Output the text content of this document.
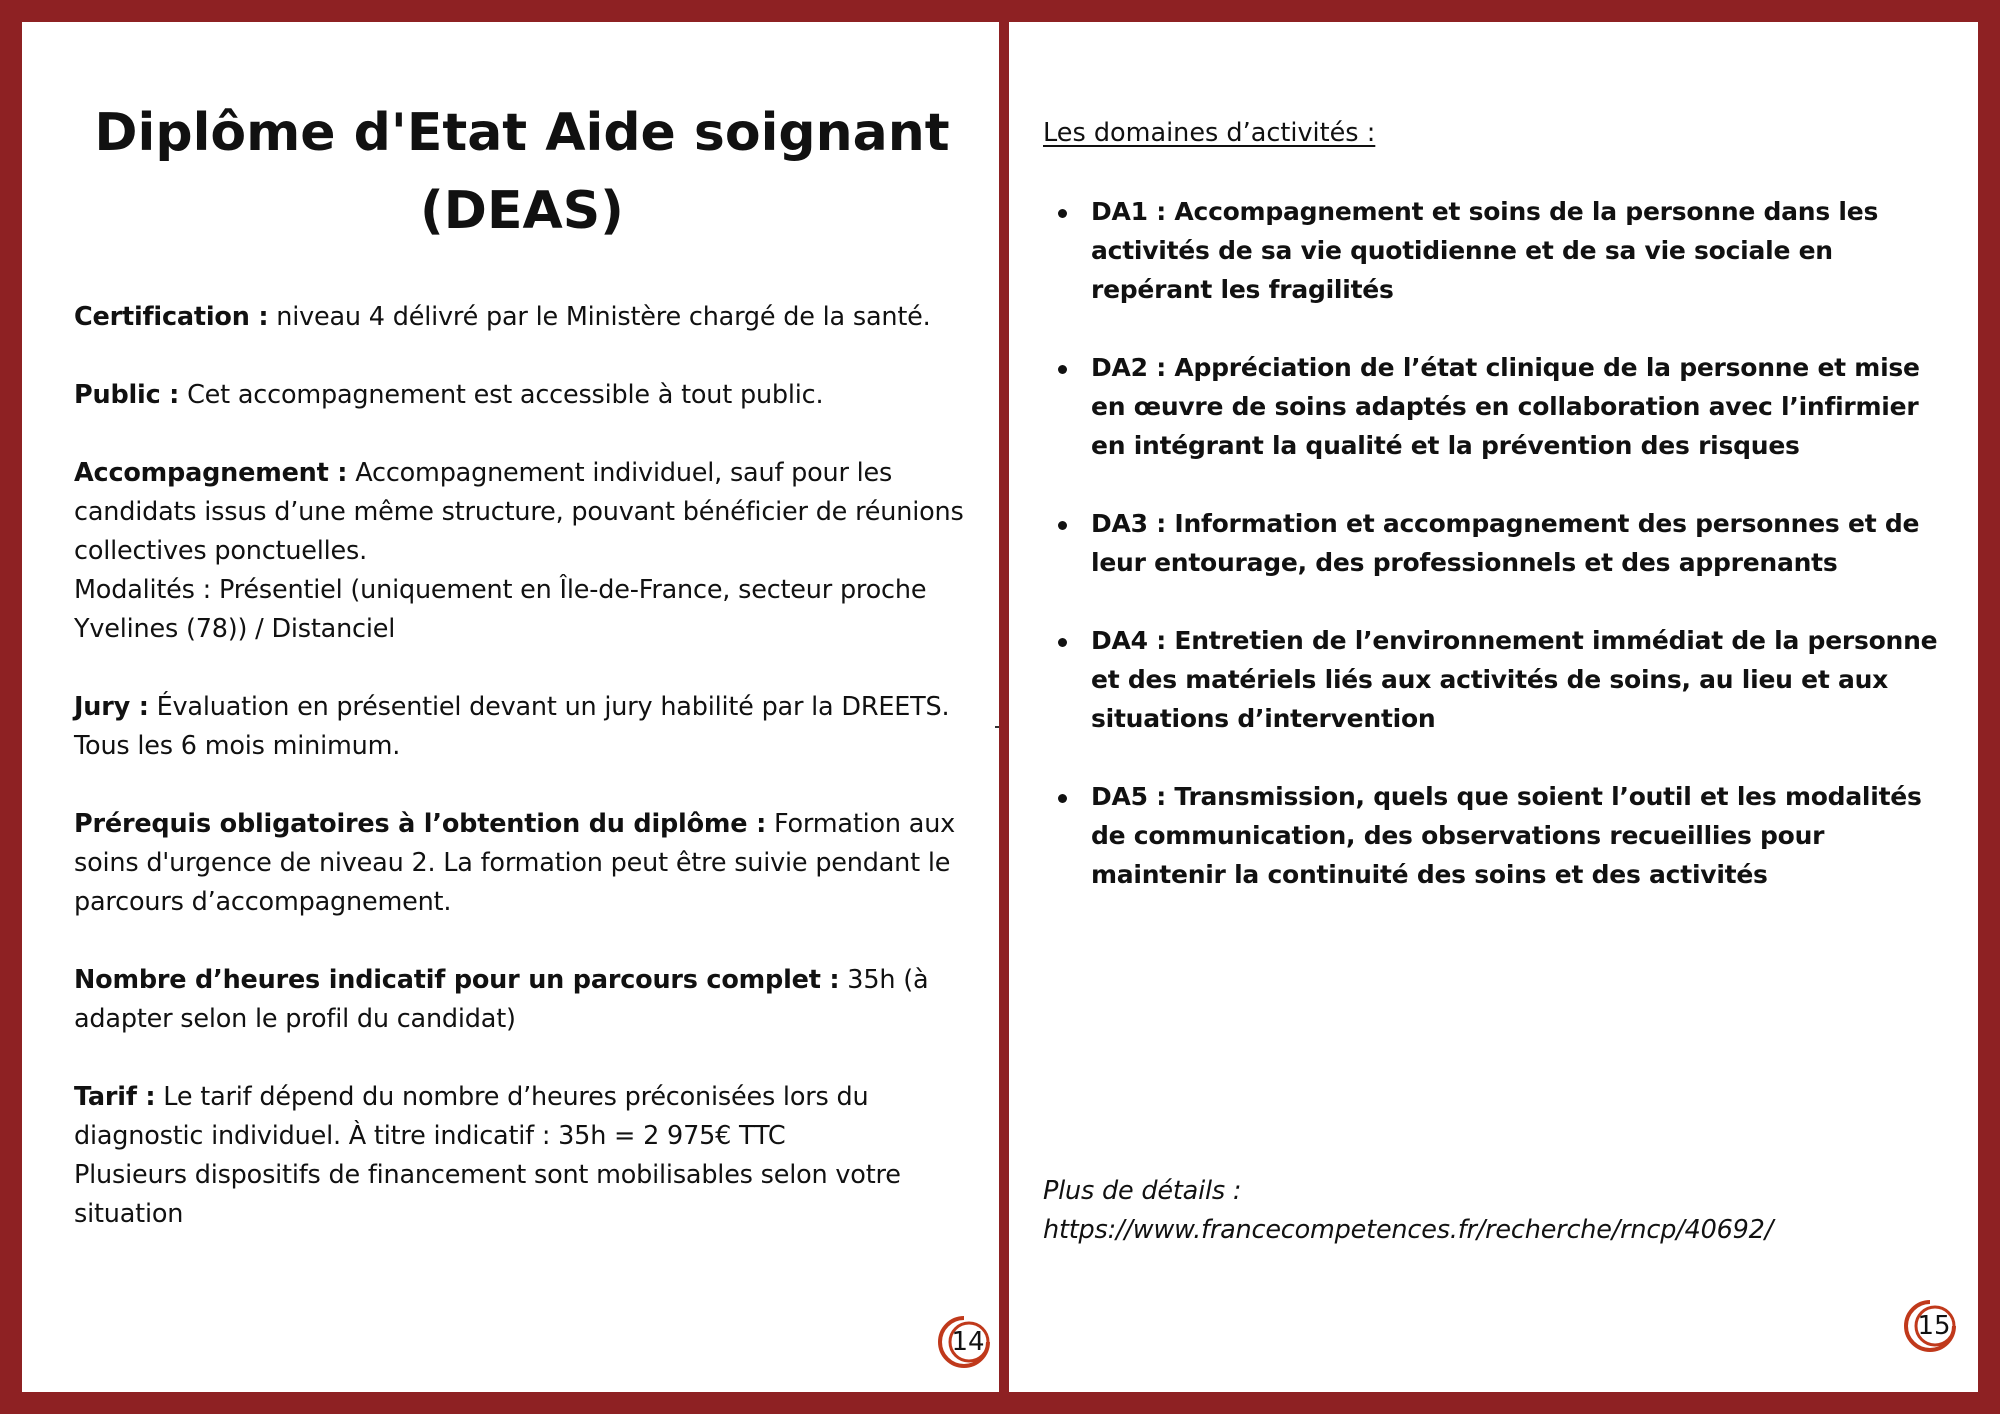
Diplôme d'Etat Aide soignant
(DEAS)

Certification : niveau 4 délivré par le Ministère chargé de la santé.

Public : Cet accompagnement est accessible à tout public.

Accompagnement : Accompagnement individuel, sauf pour les candidats issus d’une même structure, pouvant bénéficier de réunions collectives ponctuelles.
Modalités : Présentiel (uniquement en Île-de-France, secteur proche Yvelines (78)) / Distanciel

Jury : Évaluation en présentiel devant un jury habilité par la DREETS. Tous les 6 mois minimum.

Prérequis obligatoires à l’obtention du diplôme : Formation aux soins d'urgence de niveau 2. La formation peut être suivie pendant le parcours d’accompagnement.

Nombre d’heures indicatif pour un parcours complet : 35h (à adapter selon le profil du candidat)

Tarif : Le tarif dépend du nombre d’heures préconisées lors du diagnostic individuel. À titre indicatif : 35h = 2 975€ TTC
Plusieurs dispositifs de financement sont mobilisables selon votre situation

14
Les domaines d’activités :
DA1 : Accompagnement et soins de la personne dans les activités de sa vie quotidienne et de sa vie sociale en repérant les fragilités
DA2 : Appréciation de l’état clinique de la personne et mise en œuvre de soins adaptés en collaboration avec l’infirmier en intégrant la qualité et la prévention des risques
DA3 : Information et accompagnement des personnes et de leur entourage, des professionnels et des apprenants
DA4 : Entretien de l’environnement immédiat de la personne et des matériels liés aux activités de soins, au lieu et aux situations d’intervention
DA5 : Transmission, quels que soient l’outil et les modalités de communication, des observations recueillies pour maintenir la continuité des soins et des activités
Plus de détails :
https://www.francecompetences.fr/recherche/rncp/40692/
15
